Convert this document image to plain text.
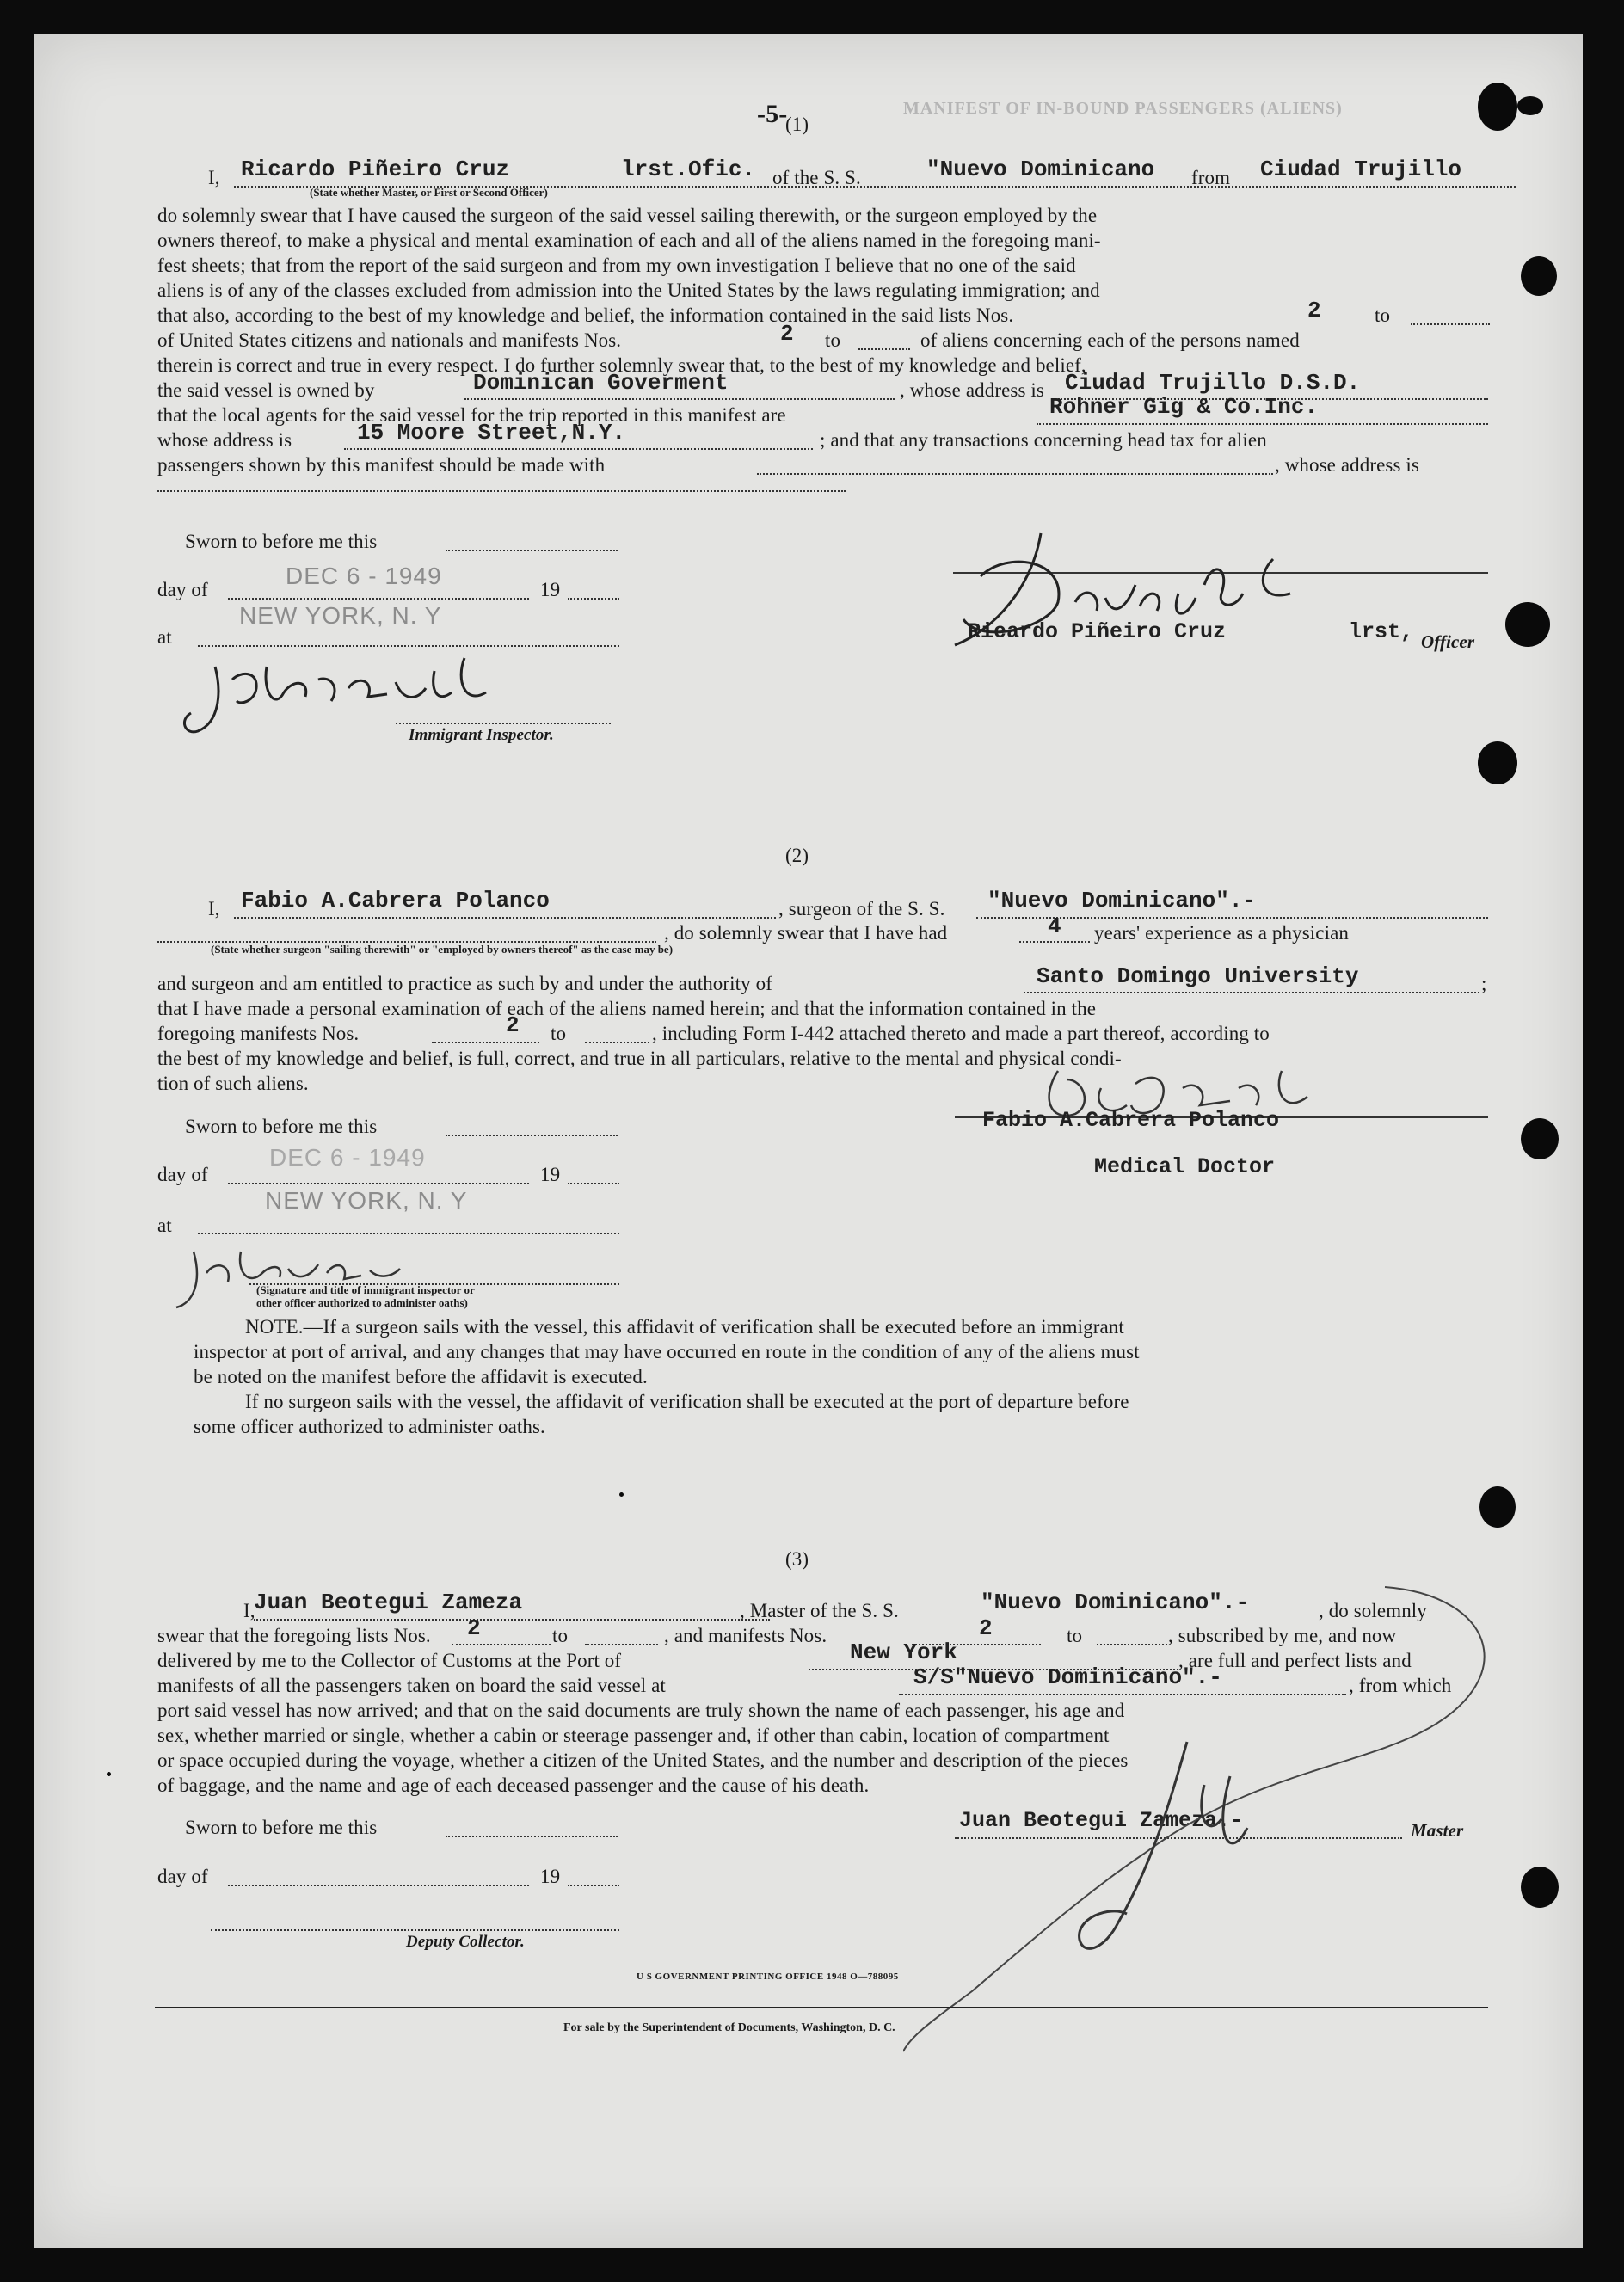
-5-	MANIFEST OF IN-BOUND PASSENGERS (ALIENS)
(1)
I, Ricardo Piñeiro Cruz	lrst.Ofic. of the S. S.	"Nuevo Dominicano from Ciudad Trujillo
(State whether Master, or First or Second Officer)
do solemnly swear that I have caused the surgeon of the said vessel sailing therewith, or the surgeon employed by the
owners thereof, to make a physical and mental examination of each and all of the aliens named in the foregoing mani-
fest sheets; that from the report of the said surgeon and from my own investigation I believe that no one of the said
aliens is of any of the classes excluded from admission into the United States by the laws regulating immigration; and
that also, according to the best of my knowledge and belief, the information contained in the said lists Nos.	2	to
of United States citizens and nationals and manifests Nos.	2 to	of aliens concerning each of the persons named
therein is correct and true in every respect. I do further solemnly swear that, to the best of my knowledge and belief,
the said vessel is owned by	Dominican Goverment	, whose address is Ciudad Trujillo D.S.D.
that the local agents for the said vessel for the trip reported in this manifest are	Rohner Gig & Co.Inc.
whose address is	15 Moore Street,N.Y.	; and that any transactions concerning head tax for alien
passengers shown by this manifest should be made with	, whose address is
Sworn to before me this
day of
DEC 6 - 1949
19
at
NEW YORK, N. Y
Immigrant Inspector.
Ricardo Piñeiro Cruz	lrst, Officer
(2)
I, Fabio A.Cabrera Polanco	, surgeon of the S. S. "Nuevo Dominicano".-
, do solemnly swear that I have had	4 years' experience as a physician
(State whether surgeon "sailing therewith" or "employed by owners thereof" as the case may be)
and surgeon and am entitled to practice as such by and under the authority of	Santo Domingo University	;
that I have made a personal examination of each of the aliens named herein; and that the information contained in the
foregoing manifests Nos.	2 to	, including Form I-442 attached thereto and made a part thereof, according to
the best of my knowledge and belief, is full, correct, and true in all particulars, relative to the mental and physical condi-
tion of such aliens.
Sworn to before me this
day of
DEC 6 - 1949
19
NEW YORK, N. Y
at
(Signature and title of immigrant inspector or
other officer authorized to administer oaths)
Fabio A.Cabrera Polanco
Medical Doctor
NOTE.—If a surgeon sails with the vessel, this affidavit of verification shall be executed before an immigrant
inspector at port of arrival, and any changes that may have occurred en route in the condition of any of the aliens must
be noted on the manifest before the affidavit is executed.
If no surgeon sails with the vessel, the affidavit of verification shall be executed at the port of departure before
some officer authorized to administer oaths.
(3)
I,
Juan Beotegui Zameza	, Master of the S. S.	"Nuevo Dominicano".-	, do solemnly
swear that the foregoing lists Nos. 2	to	, and manifests Nos.	2	to	, subscribed by me, and now
delivered by me to the Collector of Customs at the Port of	New York	, are full and perfect lists and
manifests of all the passengers taken on board the said vessel at	S/S"Nuevo Dominicano".-	, from which
port said vessel has now arrived; and that on the said documents are truly shown the name of each passenger, his age and
sex, whether married or single, whether a cabin or steerage passenger and, if other than cabin, location of compartment
or space occupied during the voyage, whether a citizen of the United States, and the number and description of the pieces
of baggage, and the name and age of each deceased passenger and the cause of his death.
Sworn to before me this
day of	19
Deputy Collector.
Juan Beotegui Zameza.-	Master
U S GOVERNMENT PRINTING OFFICE 1948 O—788095
For sale by the Superintendent of Documents, Washington, D. C.
